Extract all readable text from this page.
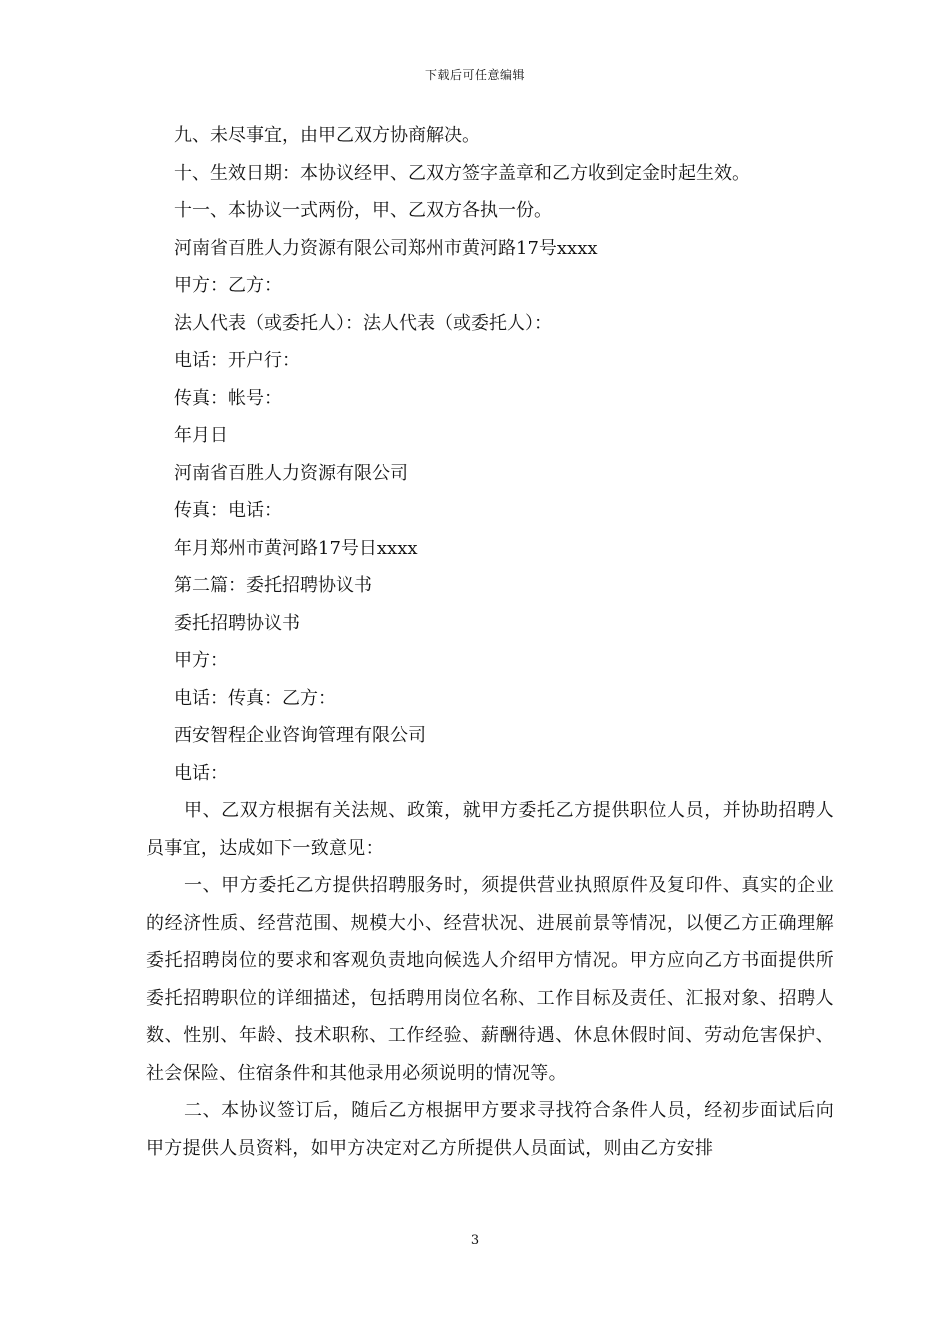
下载后可任意编辑
九、未尽事宜，由甲乙双方协商解决。
十、生效日期：本协议经甲、乙双方签字盖章和乙方收到定金时起生效。
十一、本协议一式两份，甲、乙双方各执一份。
河南省百胜人力资源有限公司郑州市黄河路17号xxxx
甲方：乙方：
法人代表（或委托人）：法人代表（或委托人）：
电话：开户行：
传真：帐号：
年月日
河南省百胜人力资源有限公司
传真：电话：
年月郑州市黄河路17号日xxxx
第二篇：委托招聘协议书
委托招聘协议书
甲方：
电话：传真：乙方：
西安智程企业咨询管理有限公司
电话：
甲、乙双方根据有关法规、政策，就甲方委托乙方提供职位人员，并协助招聘人员事宜，达成如下一致意见：
一、甲方委托乙方提供招聘服务时，须提供营业执照原件及复印件、真实的企业的经济性质、经营范围、规模大小、经营状况、进展前景等情况，以便乙方正确理解委托招聘岗位的要求和客观负责地向候选人介绍甲方情况。甲方应向乙方书面提供所委托招聘职位的详细描述，包括聘用岗位名称、工作目标及责任、汇报对象、招聘人数、性别、年龄、技术职称、工作经验、薪酬待遇、休息休假时间、劳动危害保护、社会保险、住宿条件和其他录用必须说明的情况等。
二、本协议签订后，随后乙方根据甲方要求寻找符合条件人员，经初步面试后向甲方提供人员资料，如甲方决定对乙方所提供人员面试，则由乙方安排
3
